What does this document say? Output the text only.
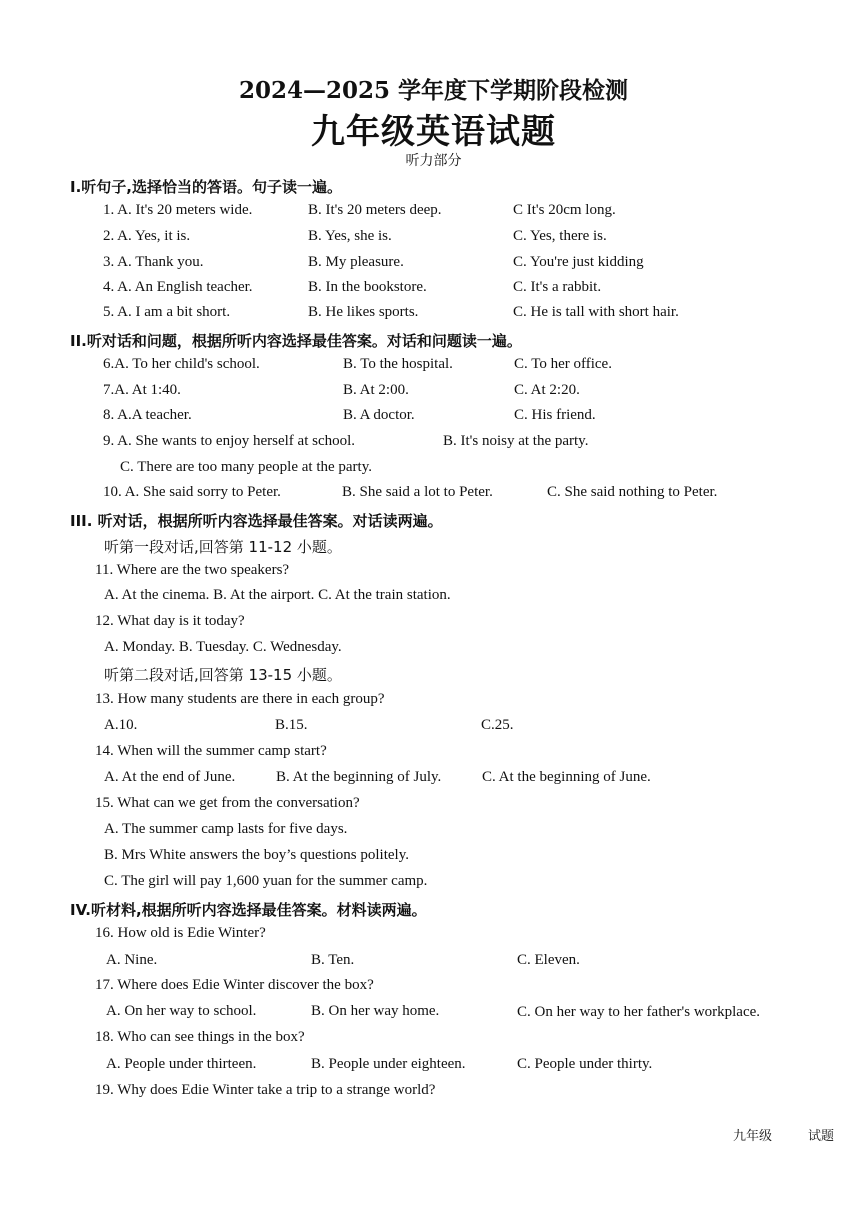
2024—2025 学年度下学期阶段检测
九年级英语试题
听力部分
I.听句子,选择恰当的答语。句子读一遍。
1. A. It's 20 meters wide.	B. It's 20 meters deep.	C It's 20cm long.
2. A. Yes, it is.	B. Yes, she is.	C. Yes, there is.
3. A. Thank you.	B. My pleasure.	C. You're just kidding
4. A. An English teacher.	B. In the bookstore.	C. It's a rabbit.
5. A. I am a bit short.	B. He likes sports.	C. He is tall with short hair.
II.听对话和问题，根据所听内容选择最佳答案。对话和问题读一遍。
6.A. To her child's school.	B. To the hospital.	C. To her office.
7.A. At 1:40.	B. At 2:00.	C. At 2:20.
8. A.A teacher.	B. A doctor.	C. His friend.
9. A. She wants to enjoy herself at school.	B. It's noisy at the party.
C. There are too many people at the party.
10. A. She said sorry to Peter.	B. She said a lot to Peter.	C. She said nothing to Peter.
III. 听对话，根据所听内容选择最佳答案。对话读两遍。
听第一段对话,回答第 11-12 小题。
11. Where are the two speakers?
A. At the cinema. B. At the airport. C. At the train station.
12. What day is it today?
A. Monday. B. Tuesday. C. Wednesday.
听第二段对话,回答第 13-15 小题。
13. How many students are there in each group?
A.10.	B.15.	C.25.
14. When will the summer camp start?
A. At the end of June.	B. At the beginning of July.	C. At the beginning of June.
15. What can we get from the conversation?
A. The summer camp lasts for five days.
B. Mrs White answers the boy’s questions politely.
C. The girl will pay 1,600 yuan for the summer camp.
IV.听材料,根据所听内容选择最佳答案。材料读两遍。
16. How old is Edie Winter?
A. Nine.	B. Ten.	C. Eleven.
17. Where does Edie Winter discover the box?
A. On her way to school.	B. On her way home.	C. On her way to her father's workplace.
18. Who can see things in the box?
A. People under thirteen.	B. People under eighteen.	C. People under thirty.
19. Why does Edie Winter take a trip to a strange world?
九年级	试题
